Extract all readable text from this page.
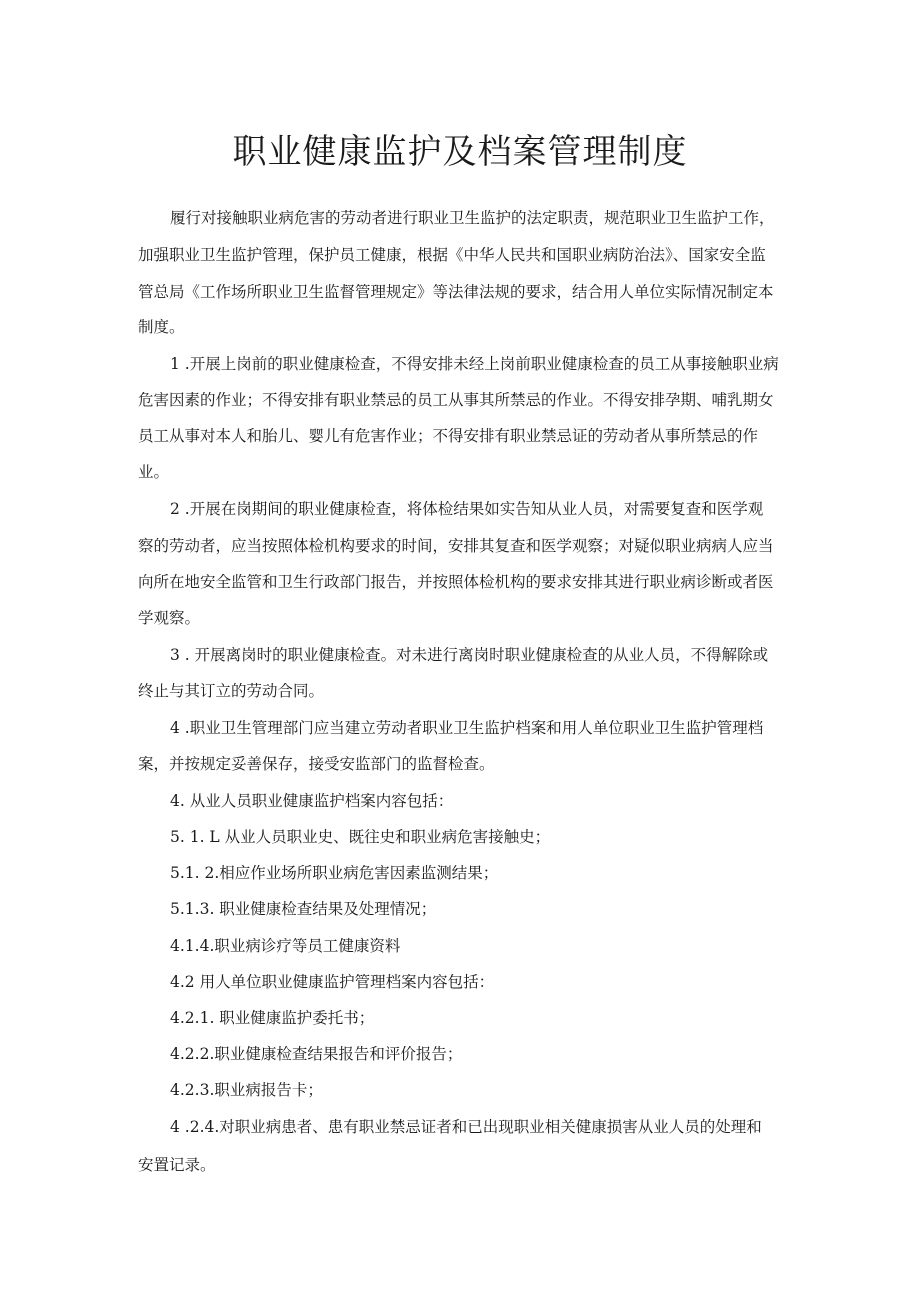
职业健康监护及档案管理制度

履行对接触职业病危害的劳动者进行职业卫生监护的法定职责，规范职业卫生监护工作，

加强职业卫生监护管理，保护员工健康，根据《中华人民共和国职业病防治法》、国家安全监

管总局《工作场所职业卫生监督管理规定》等法律法规的要求，结合用人单位实际情况制定本

制度。

1 .开展上岗前的职业健康检查，不得安排未经上岗前职业健康检查的员工从事接触职业病

危害因素的作业；不得安排有职业禁忌的员工从事其所禁忌的作业。不得安排孕期、哺乳期女

员工从事对本人和胎儿、婴儿有危害作业；不得安排有职业禁忌证的劳动者从事所禁忌的作

业。

2 .开展在岗期间的职业健康检查，将体检结果如实告知从业人员，对需要复查和医学观

察的劳动者，应当按照体检机构要求的时间，安排其复查和医学观察；对疑似职业病病人应当

向所在地安全监管和卫生行政部门报告，并按照体检机构的要求安排其进行职业病诊断或者医

学观察。

3 . 开展离岗时的职业健康检查。对未进行离岗时职业健康检查的从业人员，不得解除或

终止与其订立的劳动合同。

4 .职业卫生管理部门应当建立劳动者职业卫生监护档案和用人单位职业卫生监护管理档

案，并按规定妥善保存，接受安监部门的监督检查。

4. 从业人员职业健康监护档案内容包括：

5. 1. L 从业人员职业史、既往史和职业病危害接触史；

5.1. 2.相应作业场所职业病危害因素监测结果；

5.1.3. 职业健康检查结果及处理情况；

4.1.4.职业病诊疗等员工健康资料

4.2 用人单位职业健康监护管理档案内容包括：

4.2.1. 职业健康监护委托书；

4.2.2.职业健康检查结果报告和评价报告；

4.2.3.职业病报告卡；

4 .2.4.对职业病患者、患有职业禁忌证者和已出现职业相关健康损害从业人员的处理和

安置记录。
